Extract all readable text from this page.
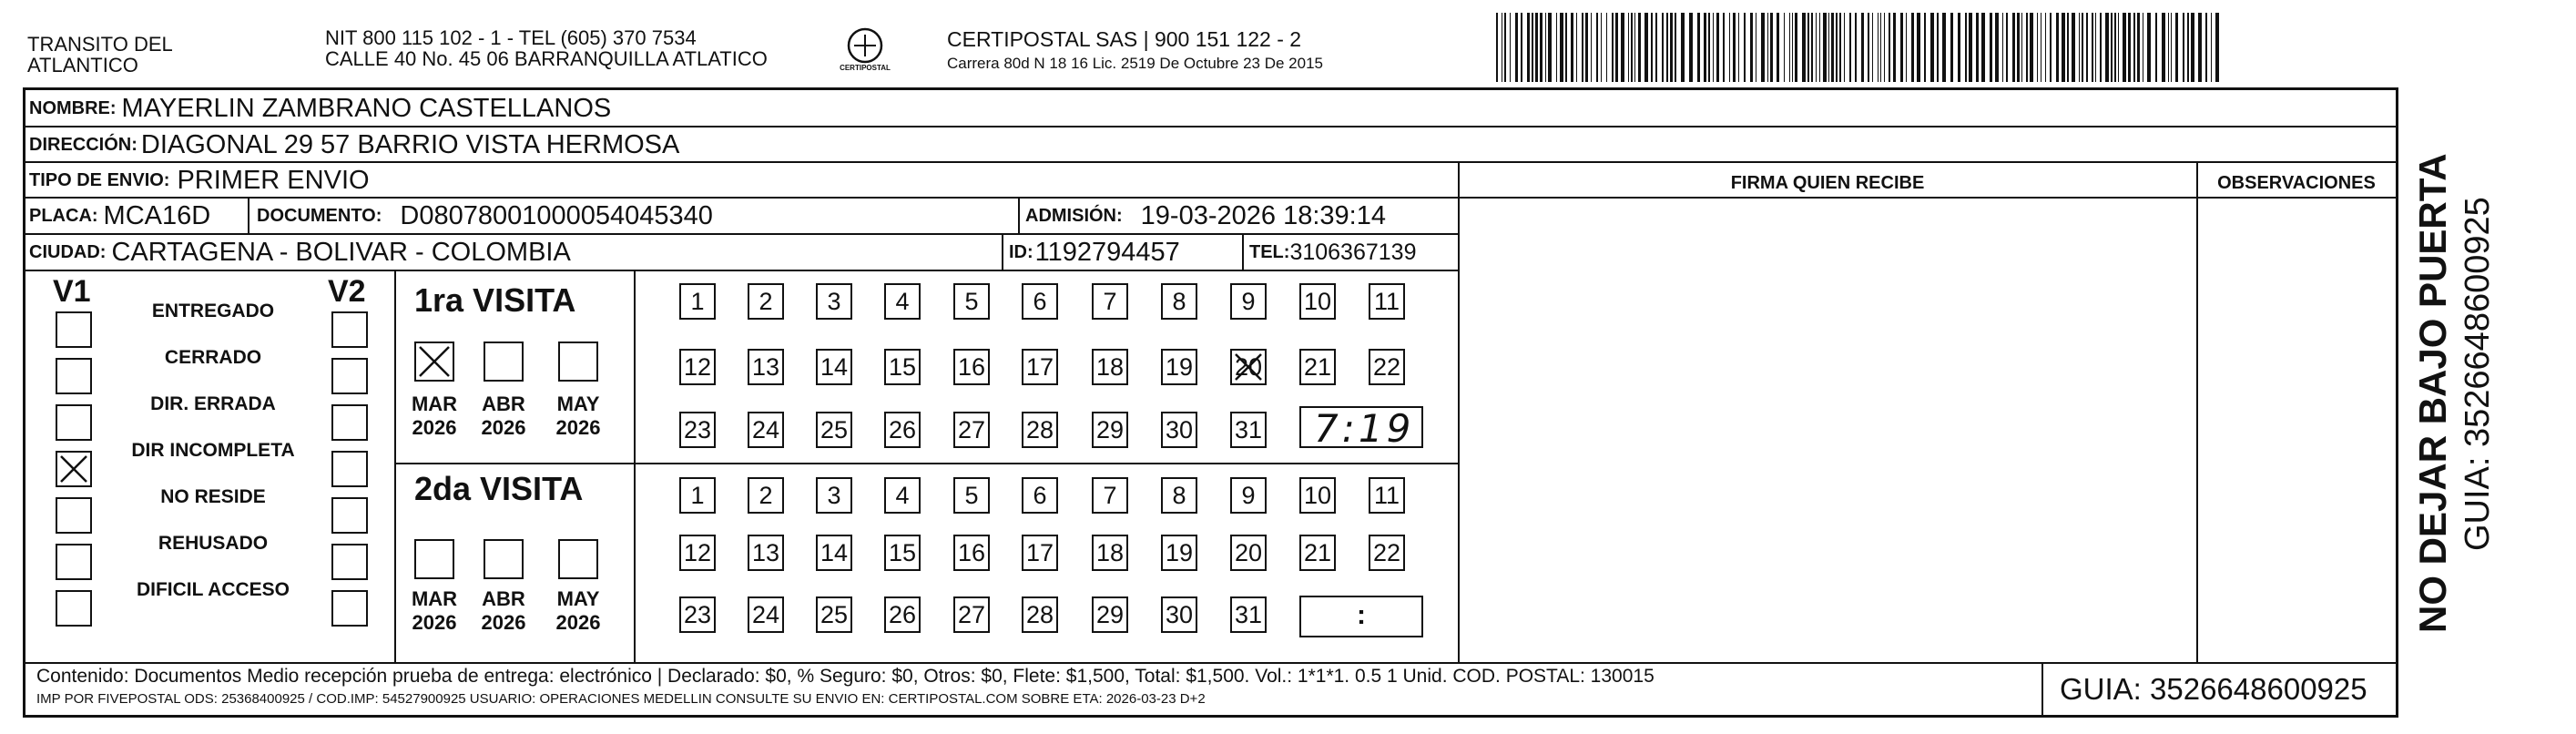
TRANSITO DEL
ATLANTICO
NIT 800 115 102 - 1 - TEL (605) 370 7534
CALLE 40 No. 45 06 BARRANQUILLA ATLATICO	CERTIPOSTAL
CERTIPOSTAL SAS | 900 151 122 - 2
Carrera 80d N 18 16 Lic. 2519 De Octubre 23 De 2015
NOMBRE: MAYERLIN ZAMBRANO CASTELLANOS
DIRECCIÓN: DIAGONAL 29 57 BARRIO VISTA HERMOSA
TIPO DE ENVIO: PRIMER ENVIO
PLACA: MCA16D	DOCUMENTO: D08078001000054045340	ADMISIÓN: 19-03-2026 18:39:14
CIUDAD: CARTAGENA - BOLIVAR - COLOMBIA	ID: 1192794457	TEL: 3106367139
FIRMA QUIEN RECIBE	OBSERVACIONES
V1	V2
ENTREGADO
CERRADO
DIR. ERRADA
DIR INCOMPLETA
NO RESIDE
REHUSADO
DIFICIL ACCESO
1ra VISITA
MAR
2026
ABR
2026
MAY
2026
1 2 3 4 5 6 7 8 9 10 11
12 13 14 15 16 17 18 19 20 21 22
23 24 25 26 27 28 29 30 31 7:19
2da VISITA
MAR
2026
ABR
2026
MAY
2026
1 2 3 4 5 6 7 8 9 10 11
12 13 14 15 16 17 18 19 20 21 22
23 24 25 26 27 28 29 30 31	:
Contenido: Documentos Medio recepción prueba de entrega: electrónico | Declarado: $0, % Seguro: $0, Otros: $0, Flete: $1,500, Total: $1,500. Vol.: 1*1*1. 0.5 1 Unid. COD. POSTAL: 130015
IMP POR FIVEPOSTAL ODS: 25368400925 / COD.IMP: 54527900925 USUARIO: OPERACIONES MEDELLIN CONSULTE SU ENVIO EN: CERTIPOSTAL.COM SOBRE ETA: 2026-03-23 D+2	GUIA: 3526648600925
NO DEJAR BAJO PUERTA GUIA: 3526648600925
